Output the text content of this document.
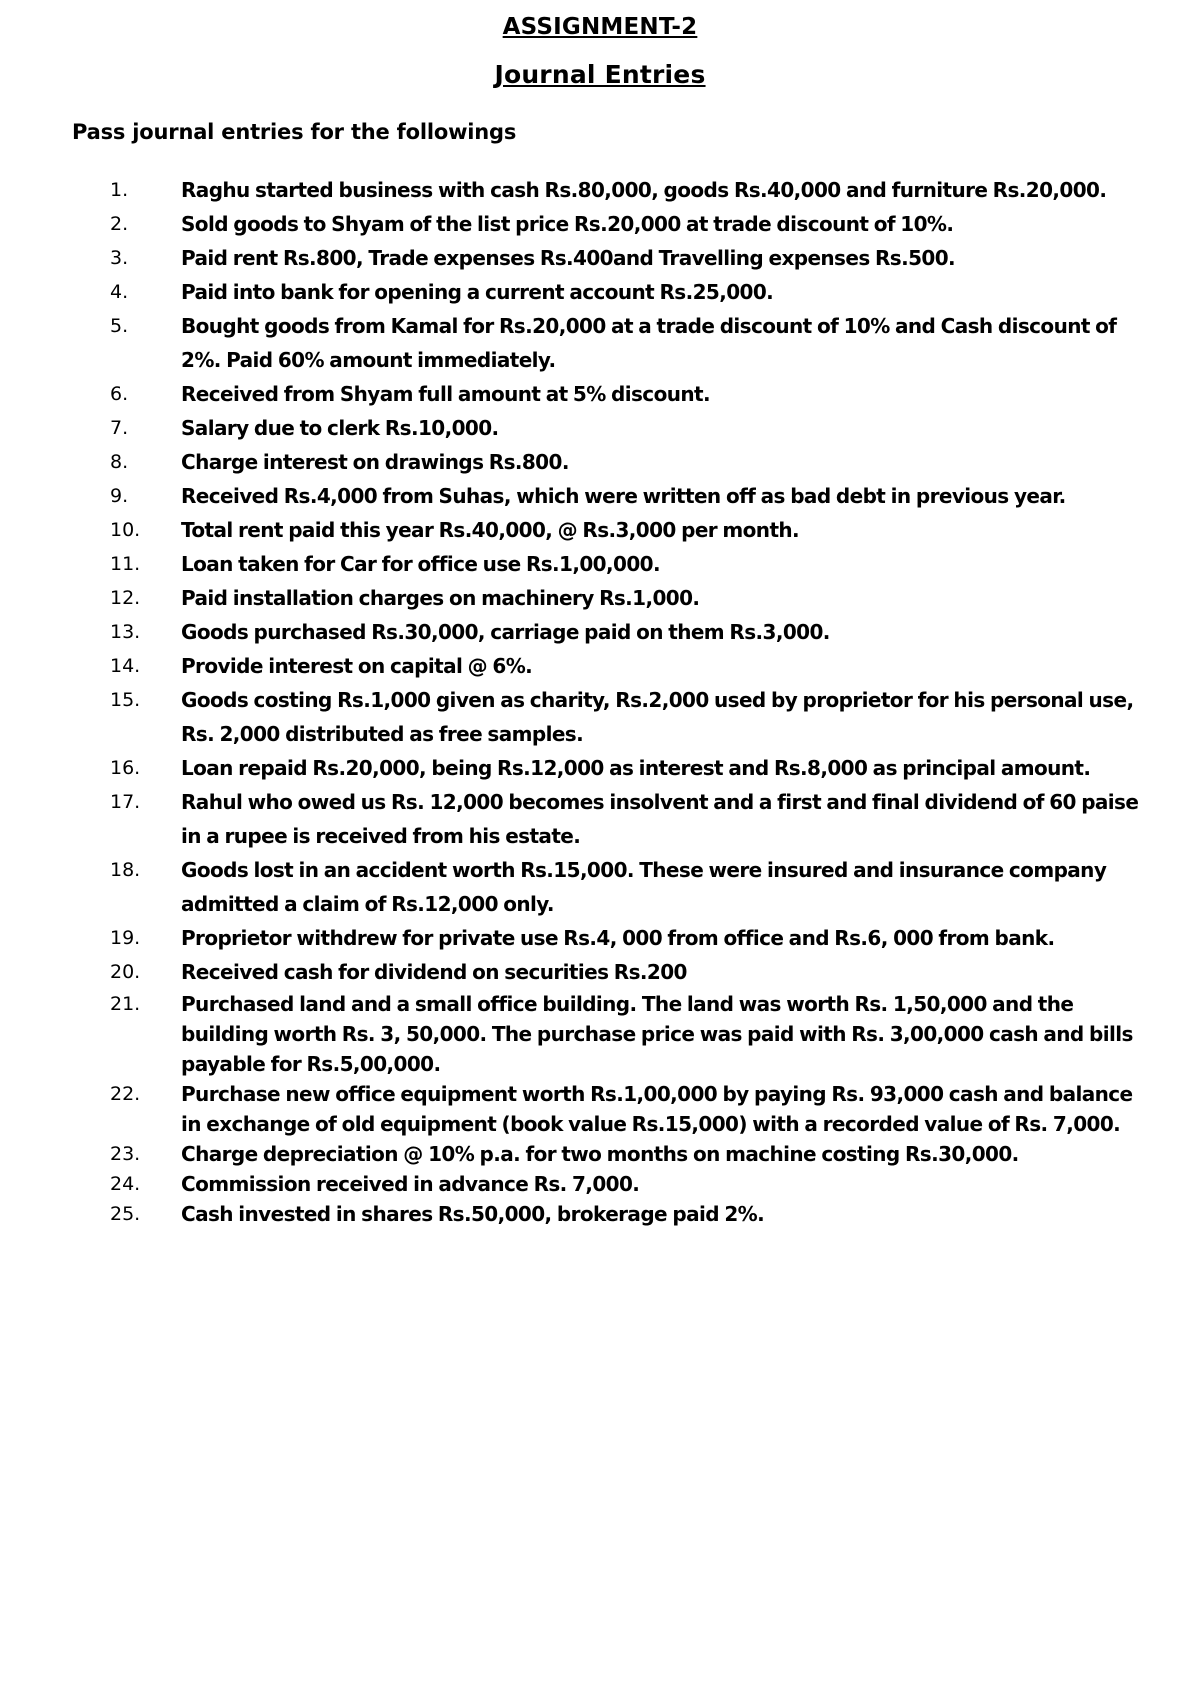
ASSIGNMENT-2
Journal Entries
Pass journal entries for the followings
1.	Raghu started business with cash Rs.80,000, goods Rs.40,000 and furniture Rs.20,000.
2.	Sold goods to Shyam of the list price Rs.20,000 at trade discount of 10%.
3.	Paid rent Rs.800, Trade expenses Rs.400and Travelling expenses Rs.500.
4.	Paid into bank for opening a current account Rs.25,000.
5.	Bought goods from Kamal for Rs.20,000 at a trade discount of 10% and Cash discount of 2%. Paid 60% amount immediately.
6.	Received from Shyam full amount at 5% discount.
7.	Salary due to clerk Rs.10,000.
8.	Charge interest on drawings Rs.800.
9.	Received Rs.4,000 from Suhas, which were written off as bad debt in previous year.
10. Total rent paid this year Rs.40,000, @ Rs.3,000 per month.
11. Loan taken for Car for office use Rs.1,00,000.
12. Paid installation charges on machinery Rs.1,000.
13. Goods purchased Rs.30,000, carriage paid on them Rs.3,000.
14. Provide interest on capital @ 6%.
15. Goods costing Rs.1,000 given as charity, Rs.2,000 used by proprietor for his personal use, Rs. 2,000 distributed as free samples.
16. Loan repaid Rs.20,000, being Rs.12,000 as interest and Rs.8,000 as principal amount.
17. Rahul who owed us Rs. 12,000 becomes insolvent and a first and final dividend of 60 paise in a rupee is received from his estate.
18. Goods lost in an accident worth Rs.15,000. These were insured and insurance company admitted a claim of Rs.12,000 only.
19. Proprietor withdrew for private use Rs.4, 000 from office and Rs.6, 000 from bank.
20. Received cash for dividend on securities Rs.200
21. Purchased land and a small office building. The land was worth Rs. 1,50,000 and the building worth Rs. 3, 50,000. The purchase price was paid with Rs. 3,00,000 cash and bills payable for Rs.5,00,000.
22. Purchase new office equipment worth Rs.1,00,000 by paying Rs. 93,000 cash and balance in exchange of old equipment (book value Rs.15,000) with a recorded value of Rs. 7,000.
23. Charge depreciation @ 10% p.a. for two months on machine costing Rs.30,000.
24. Commission received in advance Rs. 7,000.
25. Cash invested in shares Rs.50,000, brokerage paid 2%.
